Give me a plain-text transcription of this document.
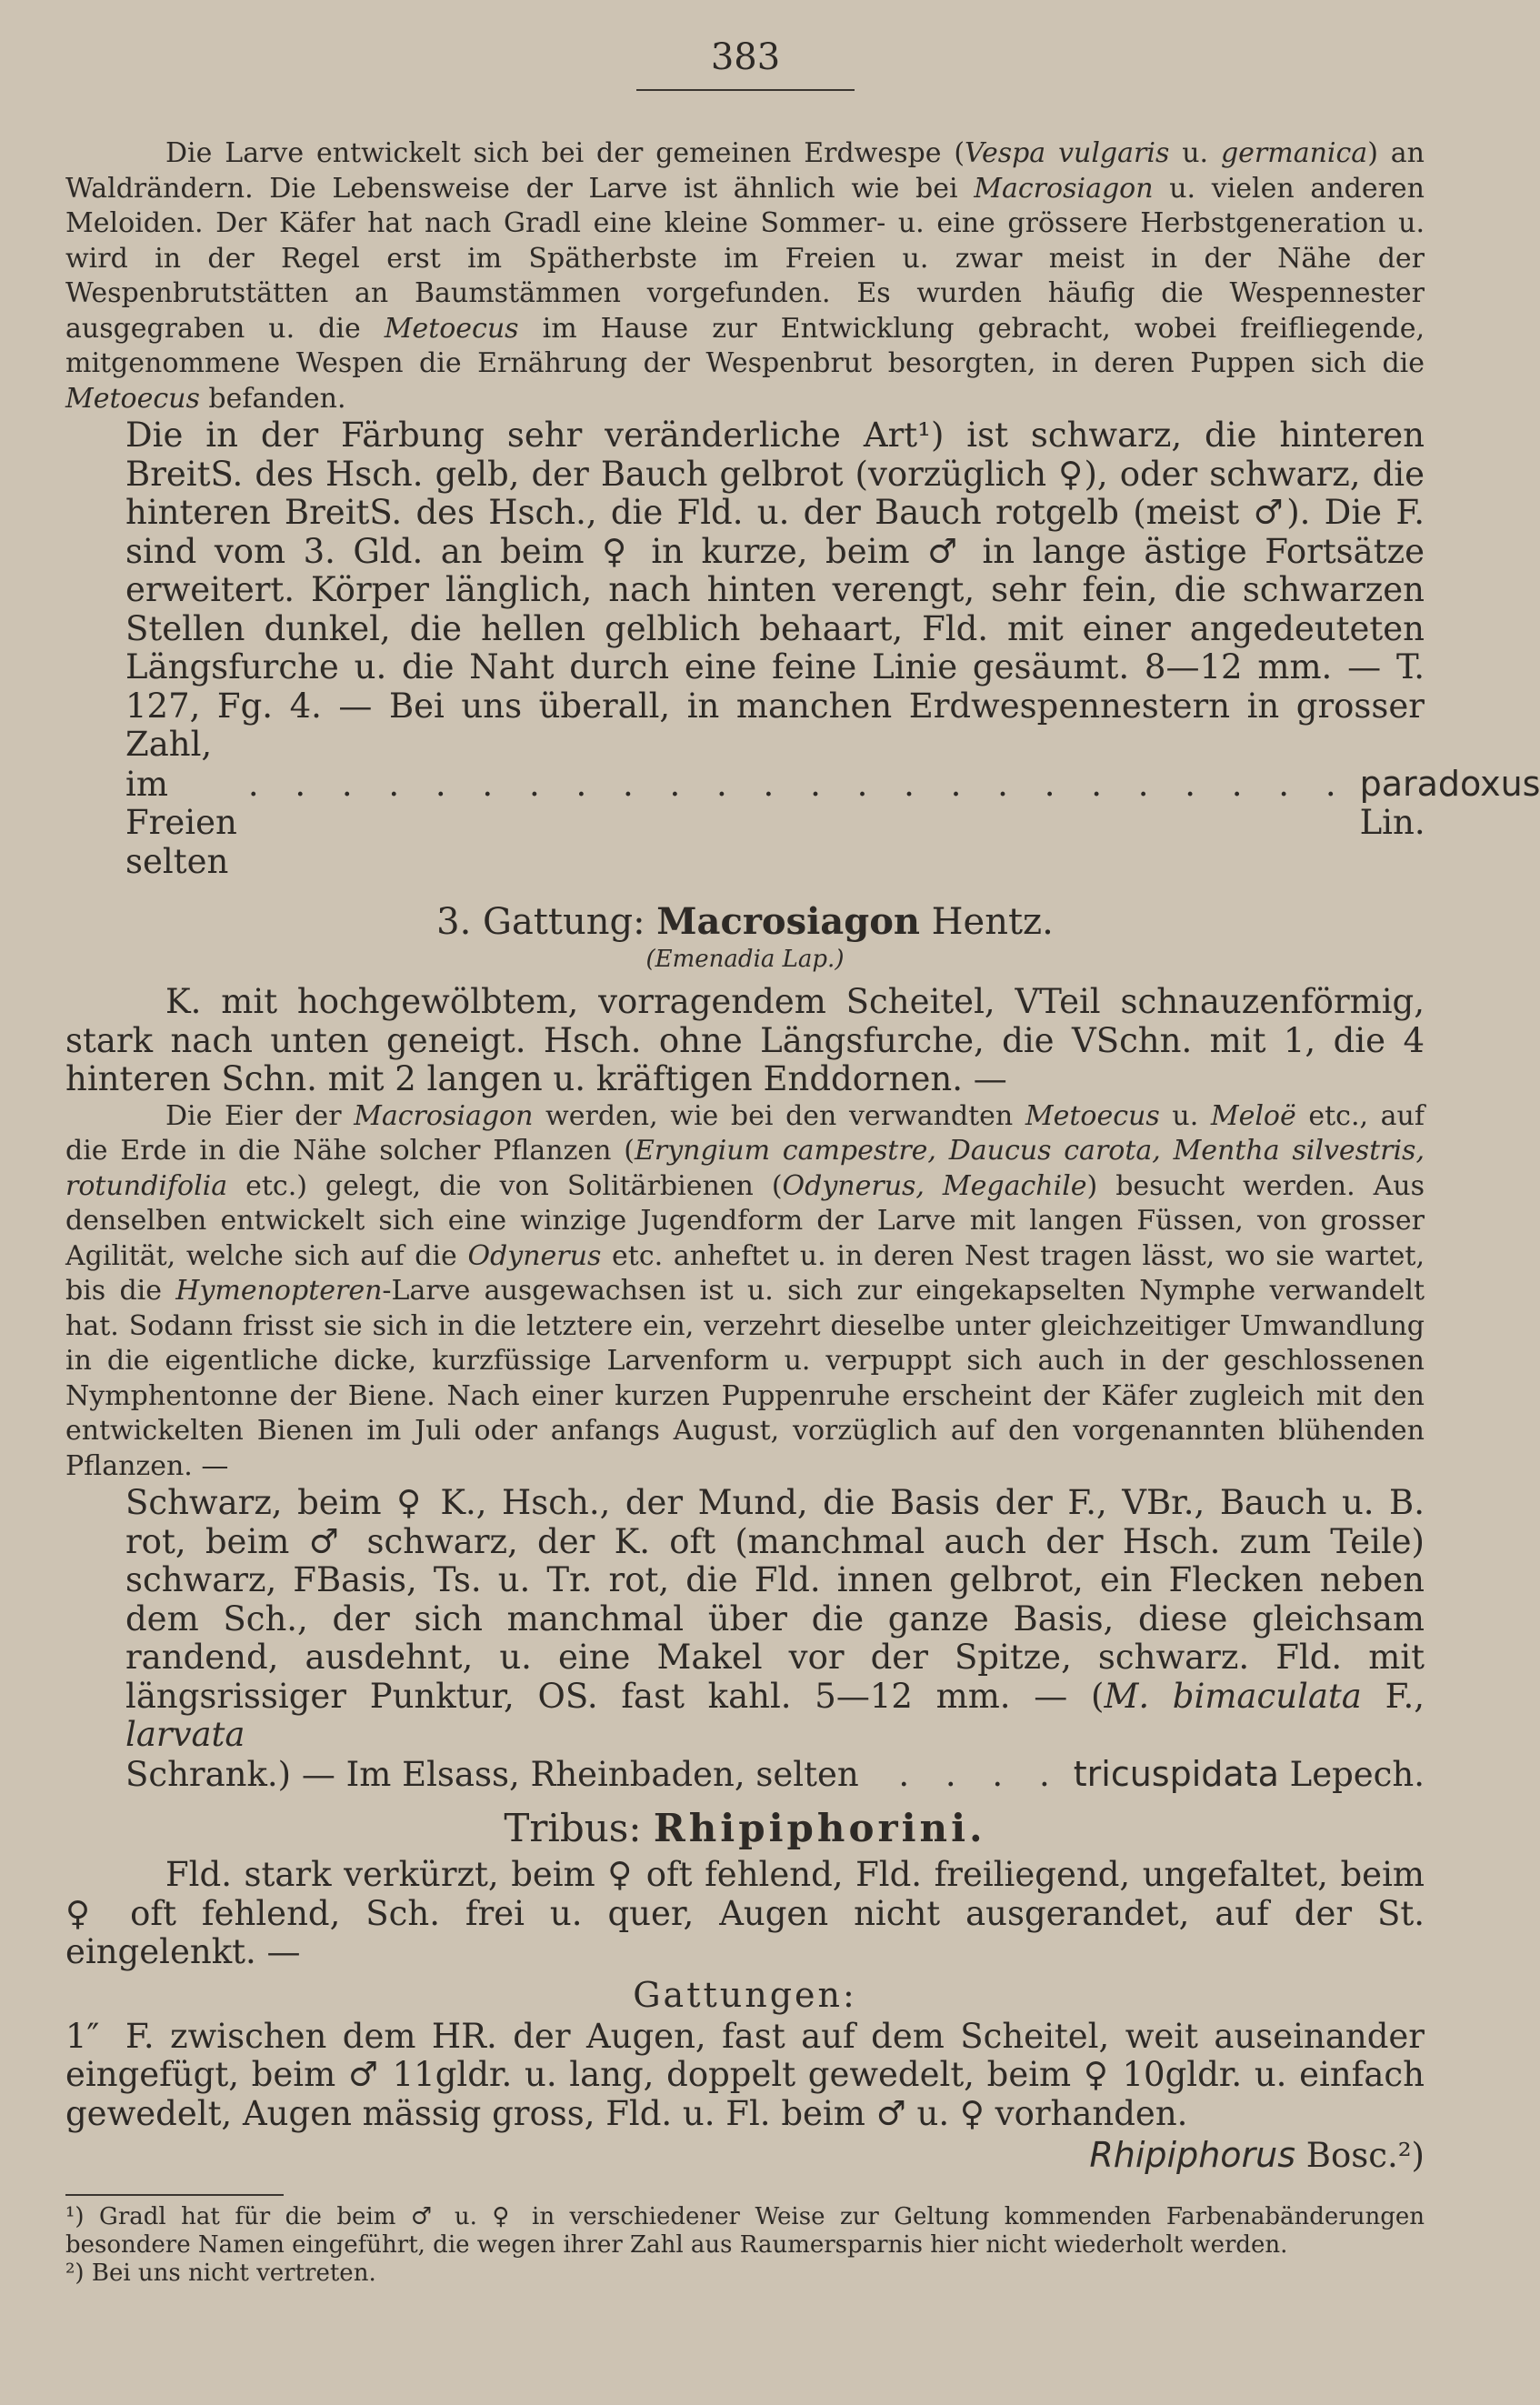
383

Die Larve entwickelt sich bei der gemeinen Erdwespe (Vespa vulgaris u. germanica) an Waldrändern. Die Lebensweise der Larve ist ähnlich wie bei Macrosiagon u. vielen anderen Meloiden. Der Käfer hat nach Gradl eine kleine Sommer- u. eine grössere Herbstgeneration u. wird in der Regel erst im Spätherbste im Freien u. zwar meist in der Nähe der Wespenbrutstätten an Baumstämmen vorgefunden. Es wurden häufig die Wespennester ausgegraben u. die Metoecus im Hause zur Entwicklung gebracht, wobei freifliegende, mitgenommene Wespen die Ernährung der Wespenbrut besorgten, in deren Puppen sich die Metoecus befanden.

Die in der Färbung sehr veränderliche Art¹) ist schwarz, die hinteren BreitS. des Hsch. gelb, der Bauch gelbrot (vorzüglich ♀), oder schwarz, die hinteren BreitS. des Hsch., die Fld. u. der Bauch rotgelb (meist ♂). Die F. sind vom 3. Gld. an beim ♀ in kurze, beim ♂ in lange ästige Fortsätze erweitert. Körper länglich, nach hinten verengt, sehr fein, die schwarzen Stellen dunkel, die hellen gelblich behaart, Fld. mit einer angedeuteten Längsfurche u. die Naht durch eine feine Linie gesäumt. 8—12 mm. — T. 127, Fg. 4. — Bei uns überall, in manchen Erdwespennestern in grosser Zahl,

im Freien selten
. . . . . . . . . . . . . . . . . . . . . . . . paradoxus Lin.
3. Gattung: Macrosiagon Hentz.
(Emenadia Lap.)

K. mit hochgewölbtem, vorragendem Scheitel, VTeil schnauzenförmig, stark nach unten geneigt. Hsch. ohne Längsfurche, die VSchn. mit 1, die 4 hinteren Schn. mit 2 langen u. kräftigen Enddornen. —

Die Eier der Macrosiagon werden, wie bei den verwandten Metoecus u. Meloë etc., auf die Erde in die Nähe solcher Pflanzen (Eryngium campestre, Daucus carota, Mentha silvestris, rotundifolia etc.) gelegt, die von Solitärbienen (Odynerus, Megachile) besucht werden. Aus denselben entwickelt sich eine winzige Jugendform der Larve mit langen Füssen, von grosser Agilität, welche sich auf die Odynerus etc. anheftet u. in deren Nest tragen lässt, wo sie wartet, bis die Hymenopteren-Larve ausgewachsen ist u. sich zur eingekapselten Nymphe verwandelt hat. Sodann frisst sie sich in die letztere ein, verzehrt dieselbe unter gleichzeitiger Umwandlung in die eigentliche dicke, kurzfüssige Larvenform u. verpuppt sich auch in der geschlossenen Nymphentonne der Biene. Nach einer kurzen Puppenruhe erscheint der Käfer zugleich mit den entwickelten Bienen im Juli oder anfangs August, vorzüglich auf den vorgenannten blühenden Pflanzen. —

Schwarz, beim ♀ K., Hsch., der Mund, die Basis der F., VBr., Bauch u. B. rot, beim ♂ schwarz, der K. oft (manchmal auch der Hsch. zum Teile) schwarz, FBasis, Ts. u. Tr. rot, die Fld. innen gelbrot, ein Flecken neben dem Sch., der sich manchmal über die ganze Basis, diese gleichsam randend, ausdehnt, u. eine Makel vor der Spitze, schwarz. Fld. mit längsrissiger Punktur, OS. fast kahl. 5—12 mm. — (M. bimaculata F., larvata

Schrank.) — Im Elsass, Rheinbaden, selten	. . . . tricuspidata Lepech.
Tribus: Rhipiphorini.

Fld. stark verkürzt, beim ♀ oft fehlend, Fld. freiliegend, ungefaltet, beim ♀ oft fehlend, Sch. frei u. quer, Augen nicht ausgerandet, auf der St. eingelenkt. —

Gattungen:

1″ F. zwischen dem HR. der Augen, fast auf dem Scheitel, weit auseinander eingefügt, beim ♂ 11gldr. u. lang, doppelt gewedelt, beim ♀ 10gldr. u. einfach gewedelt, Augen mässig gross, Fld. u. Fl. beim ♂ u. ♀ vorhanden.

Rhipiphorus Bosc.²)

¹) Gradl hat für die beim ♂ u. ♀ in verschiedener Weise zur Geltung kommenden Farbenabänderungen besondere Namen eingeführt, die wegen ihrer Zahl aus Raumersparnis hier nicht wiederholt werden.

²) Bei uns nicht vertreten.
